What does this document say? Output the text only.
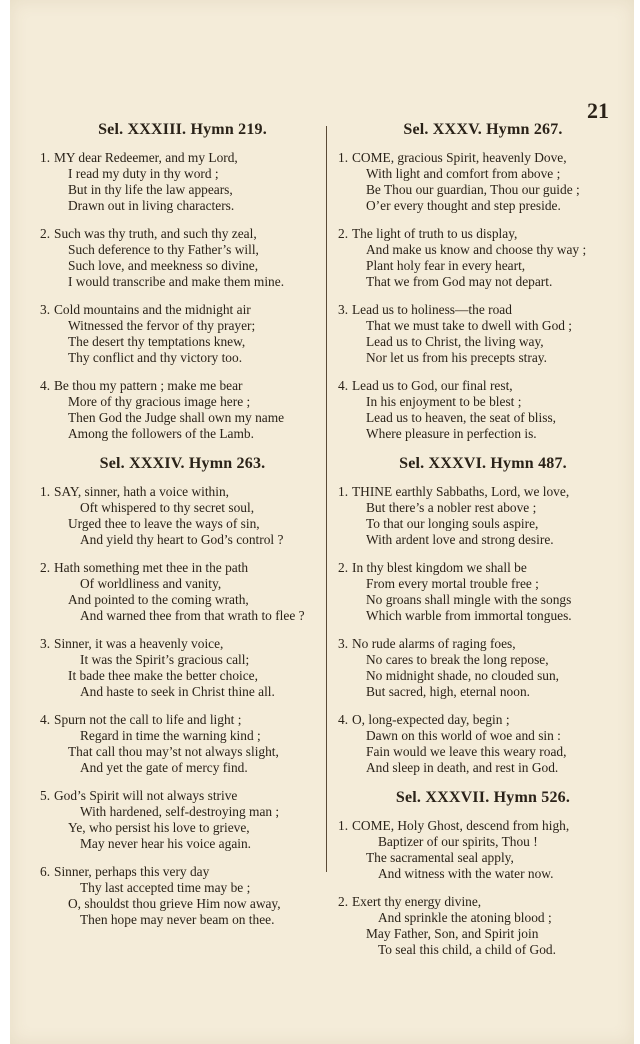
21
Sel. XXXIII. Hymn 219.
1. MY dear Redeemer, and my Lord,
I read my duty in thy word ;
But in thy life the law appears,
Drawn out in living characters.
2. Such was thy truth, and such thy zeal,
Such deference to thy Father’s will,
Such love, and meekness so divine,
I would transcribe and make them mine.
3. Cold mountains and the midnight air
Witnessed the fervor of thy prayer;
The desert thy temptations knew,
Thy conflict and thy victory too.
4. Be thou my pattern ; make me bear
More of thy gracious image here ;
Then God the Judge shall own my name
Among the followers of the Lamb.
Sel. XXXIV. Hymn 263.
1. SAY, sinner, hath a voice within,
Oft whispered to thy secret soul,
Urged thee to leave the ways of sin,
And yield thy heart to God’s control ?
2. Hath something met thee in the path
Of worldliness and vanity,
And pointed to the coming wrath,
And warned thee from that wrath to flee ?
3. Sinner, it was a heavenly voice,
It was the Spirit’s gracious call;
It bade thee make the better choice,
And haste to seek in Christ thine all.
4. Spurn not the call to life and light ;
Regard in time the warning kind ;
That call thou may’st not always slight,
And yet the gate of mercy find.
5. God’s Spirit will not always strive
With hardened, self-destroying man ;
Ye, who persist his love to grieve,
May never hear his voice again.
6. Sinner, perhaps this very day
Thy last accepted time may be ;
O, shouldst thou grieve Him now away,
Then hope may never beam on thee.
Sel. XXXV. Hymn 267.
1. COME, gracious Spirit, heavenly Dove,
With light and comfort from above ;
Be Thou our guardian, Thou our guide ;
O’er every thought and step preside.
2. The light of truth to us display,
And make us know and choose thy way ;
Plant holy fear in every heart,
That we from God may not depart.
3. Lead us to holiness—the road
That we must take to dwell with God ;
Lead us to Christ, the living way,
Nor let us from his precepts stray.
4. Lead us to God, our final rest,
In his enjoyment to be blest ;
Lead us to heaven, the seat of bliss,
Where pleasure in perfection is.
Sel. XXXVI. Hymn 487.
1. THINE earthly Sabbaths, Lord, we love,
But there’s a nobler rest above ;
To that our longing souls aspire,
With ardent love and strong desire.
2. In thy blest kingdom we shall be
From every mortal trouble free ;
No groans shall mingle with the songs
Which warble from immortal tongues.
3. No rude alarms of raging foes,
No cares to break the long repose,
No midnight shade, no clouded sun,
But sacred, high, eternal noon.
4. O, long-expected day, begin ;
Dawn on this world of woe and sin :
Fain would we leave this weary road,
And sleep in death, and rest in God.
Sel. XXXVII. Hymn 526.
1. COME, Holy Ghost, descend from high,
Baptizer of our spirits, Thou !
The sacramental seal apply,
And witness with the water now.
2. Exert thy energy divine,
And sprinkle the atoning blood ;
May Father, Son, and Spirit join
To seal this child, a child of God.
